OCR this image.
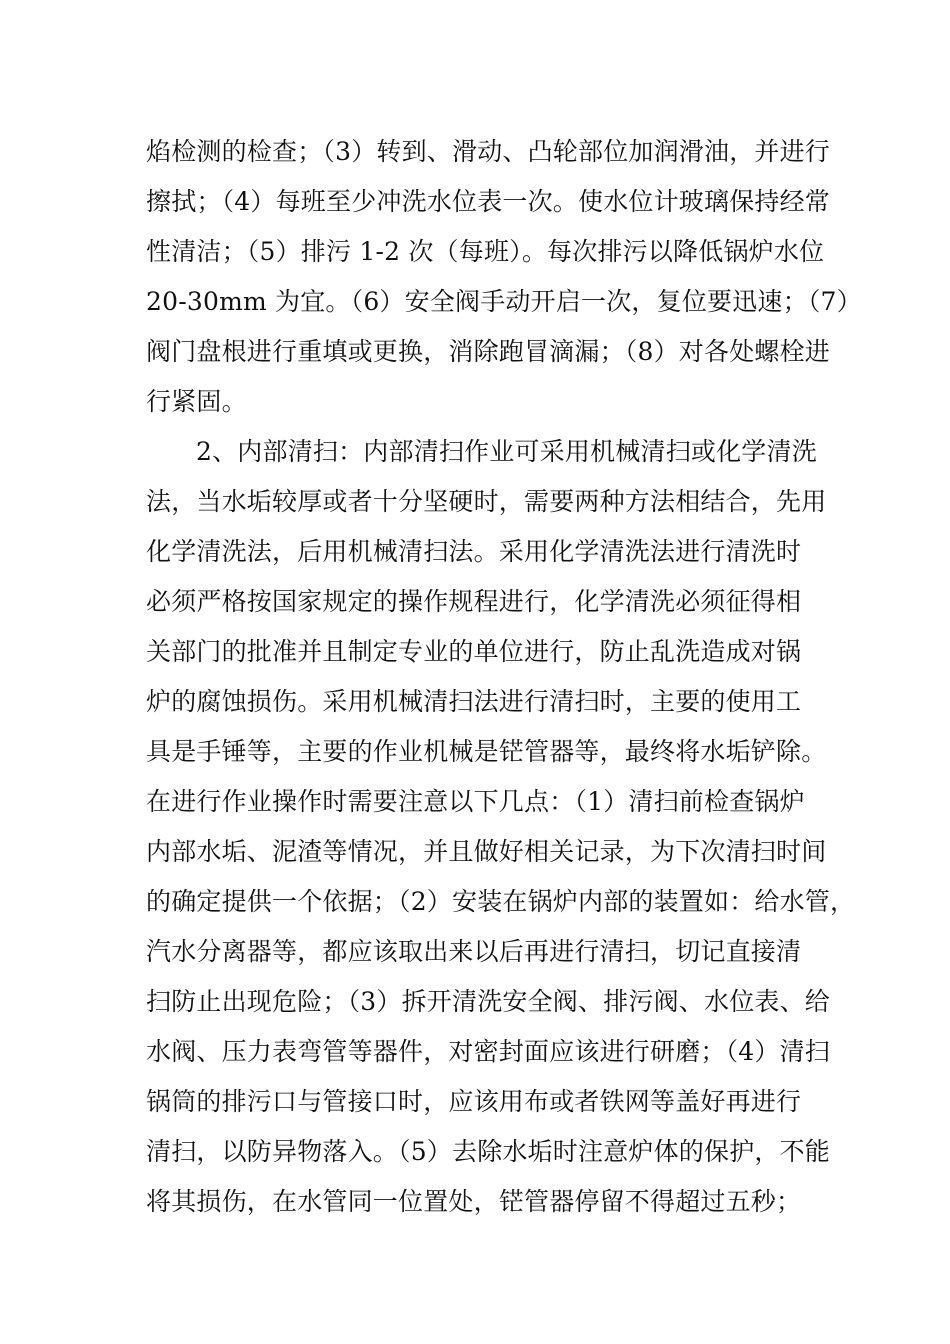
焰检测的检查；（3）转到、滑动、凸轮部位加润滑油，并进行
擦拭；（4）每班至少冲洗水位表一次。使水位计玻璃保持经常
性清洁；（5）排污 1-2 次（每班）。每次排污以降低锅炉水位
20-30mm 为宜。（6）安全阀手动开启一次，复位要迅速；（7）
阀门盘根进行重填或更换，消除跑冒滴漏；（8）对各处螺栓进
行紧固。
2、内部清扫：内部清扫作业可采用机械清扫或化学清洗
法，当水垢较厚或者十分坚硬时，需要两种方法相结合，先用
化学清洗法，后用机械清扫法。采用化学清洗法进行清洗时
必须严格按国家规定的操作规程进行，化学清洗必须征得相
关部门的批准并且制定专业的单位进行，防止乱洗造成对锅
炉的腐蚀损伤。采用机械清扫法进行清扫时，主要的使用工
具是手锤等，主要的作业机械是铓管器等，最终将水垢铲除。
在进行作业操作时需要注意以下几点：（1）清扫前检查锅炉
内部水垢、泥渣等情况，并且做好相关记录，为下次清扫时间
的确定提供一个依据；（2）安装在锅炉内部的装置如：给水管，
汽水分离器等，都应该取出来以后再进行清扫，切记直接清
扫防止出现危险；（3）拆开清洗安全阀、排污阀、水位表、给
水阀、压力表弯管等器件，对密封面应该进行研磨；（4）清扫
锅筒的排污口与管接口时，应该用布或者铁网等盖好再进行
清扫，以防异物落入。（5）去除水垢时注意炉体的保护，不能
将其损伤，在水管同一位置处，铓管器停留不得超过五秒；
